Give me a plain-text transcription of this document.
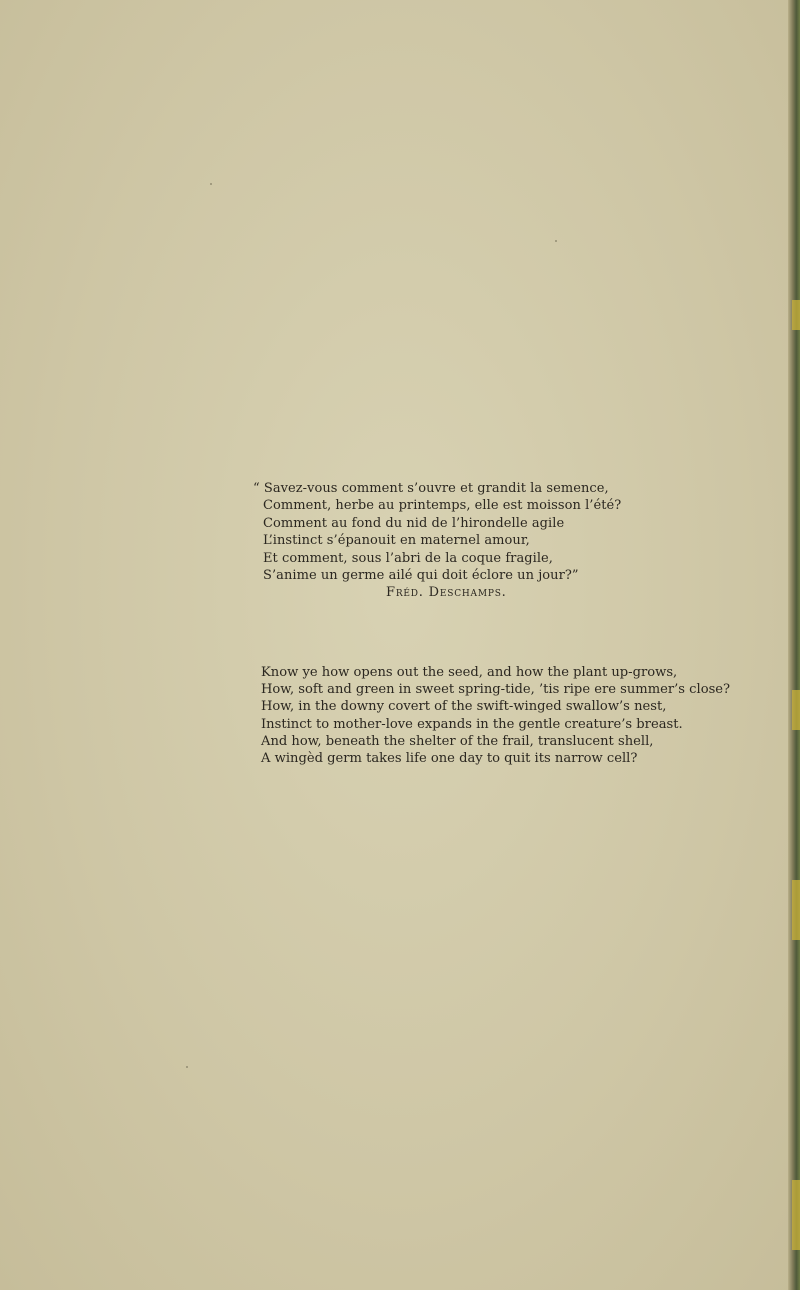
“ Savez-vous comment s’ouvre et grandit la semence,
Comment, herbe au printemps, elle est moisson l’été?
Comment au fond du nid de l’hirondelle agile
L’instinct s’épanouit en maternel amour,
Et comment, sous l’abri de la coque fragile,
S’anime un germe ailé qui doit éclore un jour?”
Fréd. Deschamps.
Know ye how opens out the seed, and how the plant up-grows,
How, soft and green in sweet spring-tide, ’tis ripe ere summer’s close?
How, in the downy covert of the swift-winged swallow’s nest,
Instinct to mother-love expands in the gentle creature’s breast.
And how, beneath the shelter of the frail, translucent shell,
A wingèd germ takes life one day to quit its narrow cell?
